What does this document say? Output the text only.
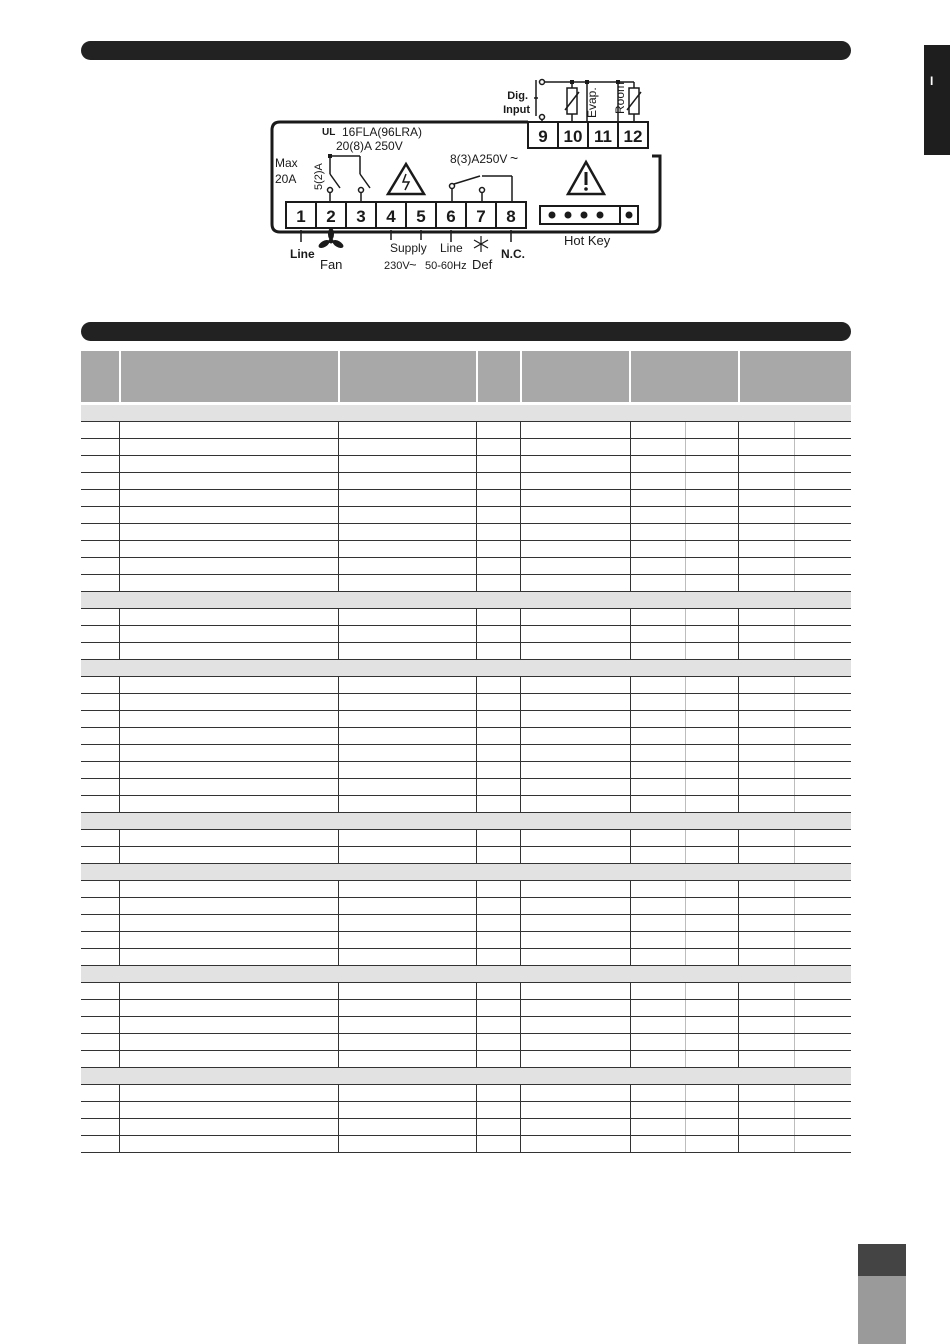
I
9 10 11 12
Dig.
Input	Evap. Room
UL 16FLA(96LRA)
20(8)A 250V
Max
20A 5(2)A
8(3)A250V ~
1 2 3 4 5 6 7 8
Hot Key
Line
Fan
Supply
230V ~ 50-60Hz
Line
Def
N.C.
